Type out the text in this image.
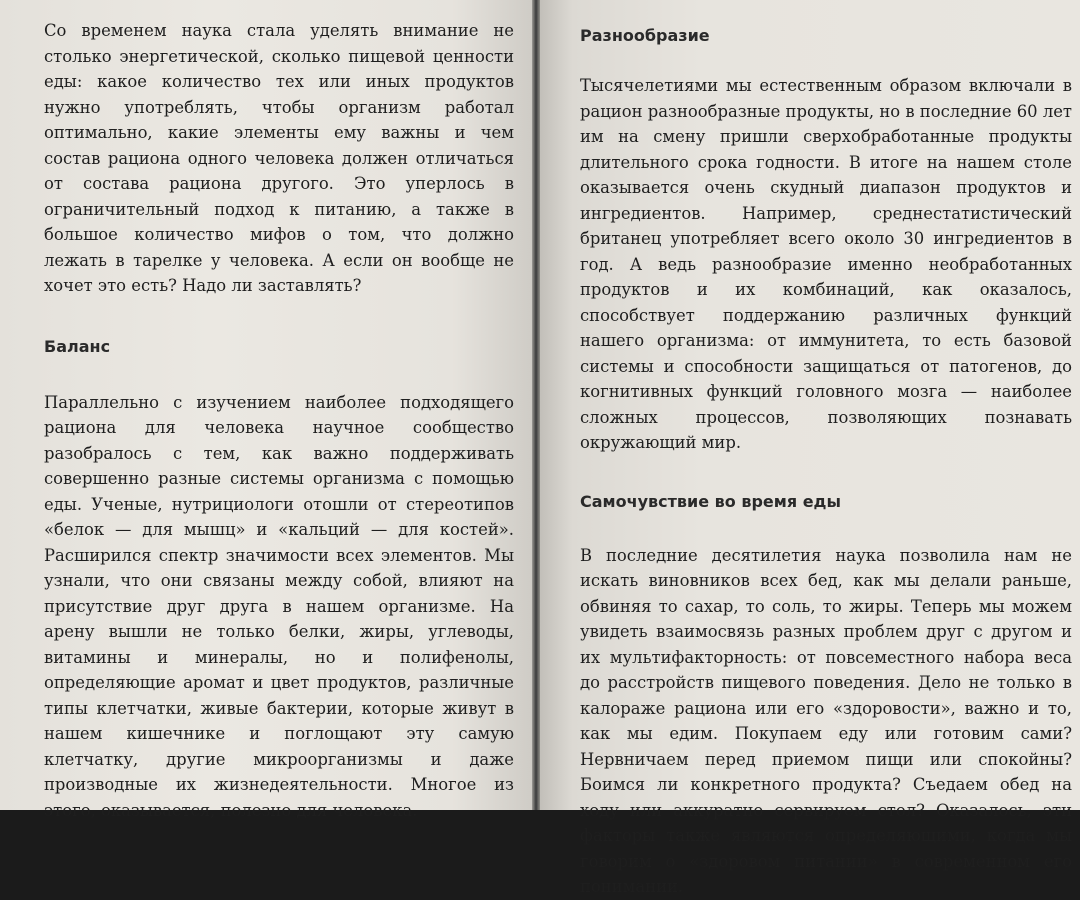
Со временем наука стала уделять внимание не столько энергетической, сколько пищевой ценности еды: какое количество тех или иных продуктов нужно употреблять, чтобы организм работал оптимально, какие элементы ему важны и чем состав рациона одного человека должен отличаться от состава рациона другого. Это уперлось в ограничительный подход к питанию, а также в большое количество мифов о том, что должно лежать в тарелке у человека. А если он вообще не хочет это есть? Надо ли заставлять?

Баланс

Параллельно с изучением наиболее подходящего рациона для человека научное сообщество разобралось с тем, как важно поддерживать совершенно разные системы организма с помощью еды. Ученые, нутрициологи отошли от стереотипов «белок — для мышц» и «кальций — для костей». Расширился спектр значимости всех элементов. Мы узнали, что они связаны между собой, влияют на присутствие друг друга в нашем организме. На арену вышли не только белки, жиры, углеводы, витамины и минералы, но и полифенолы, определяющие аромат и цвет продуктов, различные типы клетчатки, живые бактерии, которые живут в нашем кишечнике и поглощают эту самую клетчатку, другие микроорганизмы и даже производные их жизнедеятельности. Многое из этого, оказывается, полезно для человека.

Разнообразие

Тысячелетиями мы естественным образом включали в рацион разнообразные продукты, но в последние 60 лет им на смену пришли сверхобработанные продукты длительного срока годности. В итоге на нашем столе оказывается очень скудный диапазон продуктов и ингредиентов. Например, среднестатистический британец употребляет всего около 30 ингредиентов в год. А ведь разнообразие именно необработанных продуктов и их комбинаций, как оказалось, способствует поддержанию различных функций нашего организма: от иммунитета, то есть базовой системы и способности защищаться от патогенов, до когнитивных функций головного мозга — наиболее сложных процессов, позволяющих познавать окружающий мир.

Самочувствие во время еды

В последние десятилетия наука позволила нам не искать виновников всех бед, как мы делали раньше, обвиняя то сахар, то соль, то жиры. Теперь мы можем увидеть взаимосвязь разных проблем друг с другом и их мультифакторность: от повсеместного набора веса до расстройств пищевого поведения. Дело не только в калораже рациона или его «здоровости», важно и то, как мы едим. Покупаем еду или готовим сами? Нервничаем перед приемом пищи или спокойны? Боимся ли конкретного продукта? Съедаем обед на ходу или аккуратно сервируем стол? Оказалось, эти факторы также являются определяющими, когда мы говорим о «здоровом питании» в современном его понимании.
